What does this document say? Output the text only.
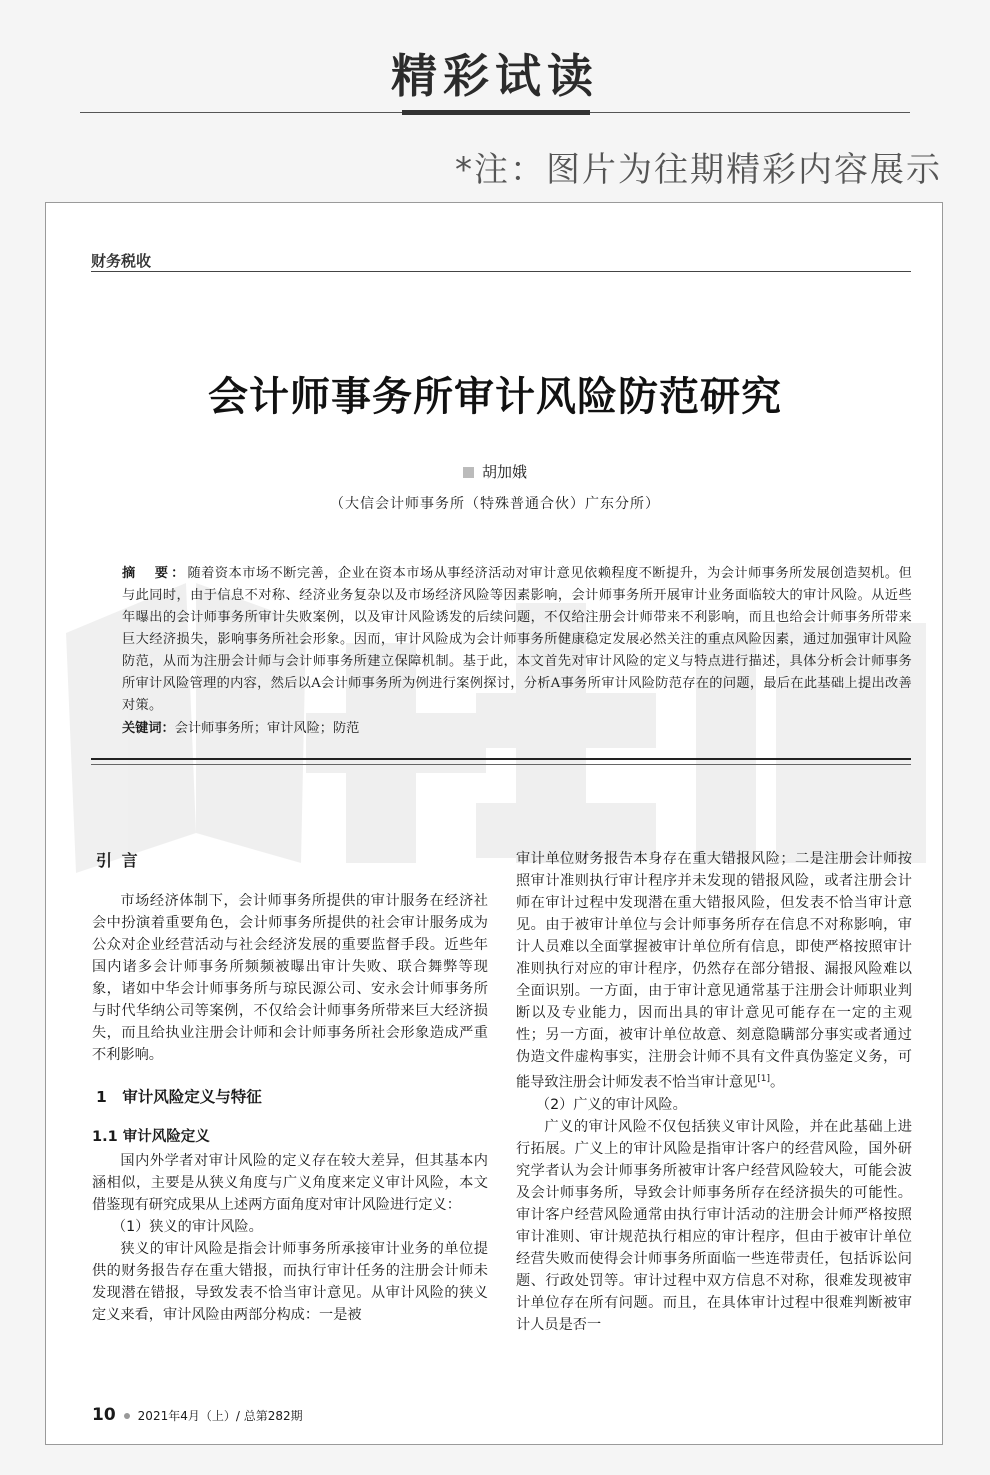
精彩试读
*注：图片为往期精彩内容展示
财务税收
会计师事务所审计风险防范研究
胡加娥
（大信会计师事务所（特殊普通合伙）广东分所）
摘　要：随着资本市场不断完善，企业在资本市场从事经济活动对审计意见依赖程度不断提升，为会计师事务所发展创造契机。但与此同时，由于信息不对称、经济业务复杂以及市场经济风险等因素影响，会计师事务所开展审计业务面临较大的审计风险。从近些年曝出的会计师事务所审计失败案例，以及审计风险诱发的后续问题，不仅给注册会计师带来不利影响，而且也给会计师事务所带来巨大经济损失，影响事务所社会形象。因而，审计风险成为会计师事务所健康稳定发展必然关注的重点风险因素，通过加强审计风险防范，从而为注册会计师与会计师事务所建立保障机制。基于此，本文首先对审计风险的定义与特点进行描述，具体分析会计师事务所审计风险管理的内容，然后以A会计师事务所为例进行案例探讨，分析A事务所审计风险防范存在的问题，最后在此基础上提出改善对策。
关键词：会计师事务所；审计风险；防范
引 言

市场经济体制下，会计师事务所提供的审计服务在经济社会中扮演着重要角色，会计师事务所提供的社会审计服务成为公众对企业经营活动与社会经济发展的重要监督手段。近些年国内诸多会计师事务所频频被曝出审计失败、联合舞弊等现象，诸如中华会计师事务所与琼民源公司、安永会计师事务所与时代华纳公司等案例，不仅给会计师事务所带来巨大经济损失，而且给执业注册会计师和会计师事务所社会形象造成严重不利影响。

1　审计风险定义与特征
1.1 审计风险定义

国内外学者对审计风险的定义存在较大差异，但其基本内涵相似，主要是从狭义角度与广义角度来定义审计风险，本文借鉴现有研究成果从上述两方面角度对审计风险进行定义：

（1）狭义的审计风险。

狭义的审计风险是指会计师事务所承接审计业务的单位提供的财务报告存在重大错报，而执行审计任务的注册会计师未发现潜在错报，导致发表不恰当审计意见。从审计风险的狭义定义来看，审计风险由两部分构成：一是被

审计单位财务报告本身存在重大错报风险；二是注册会计师按照审计准则执行审计程序并未发现的错报风险，或者注册会计师在审计过程中发现潜在重大错报风险，但发表不恰当审计意见。由于被审计单位与会计师事务所存在信息不对称影响，审计人员难以全面掌握被审计单位所有信息，即使严格按照审计准则执行对应的审计程序，仍然存在部分错报、漏报风险难以全面识别。一方面，由于审计意见通常基于注册会计师职业判断以及专业能力，因而出具的审计意见可能存在一定的主观性；另一方面，被审计单位故意、刻意隐瞒部分事实或者通过伪造文件虚构事实，注册会计师不具有文件真伪鉴定义务，可能导致注册会计师发表不恰当审计意见[1]。

（2）广义的审计风险。

广义的审计风险不仅包括狭义审计风险，并在此基础上进行拓展。广义上的审计风险是指审计客户的经营风险，国外研究学者认为会计师事务所被审计客户经营风险较大，可能会波及会计师事务所，导致会计师事务所存在经济损失的可能性。审计客户经营风险通常由执行审计活动的注册会计师严格按照审计准则、审计规范执行相应的审计程序，但由于被审计单位经营失败而使得会计师事务所面临一些连带责任，包括诉讼问题、行政处罚等。审计过程中双方信息不对称，很难发现被审计单位存在所有问题。而且，在具体审计过程中很难判断被审计人员是否一

10 2021年4月（上）/ 总第282期
